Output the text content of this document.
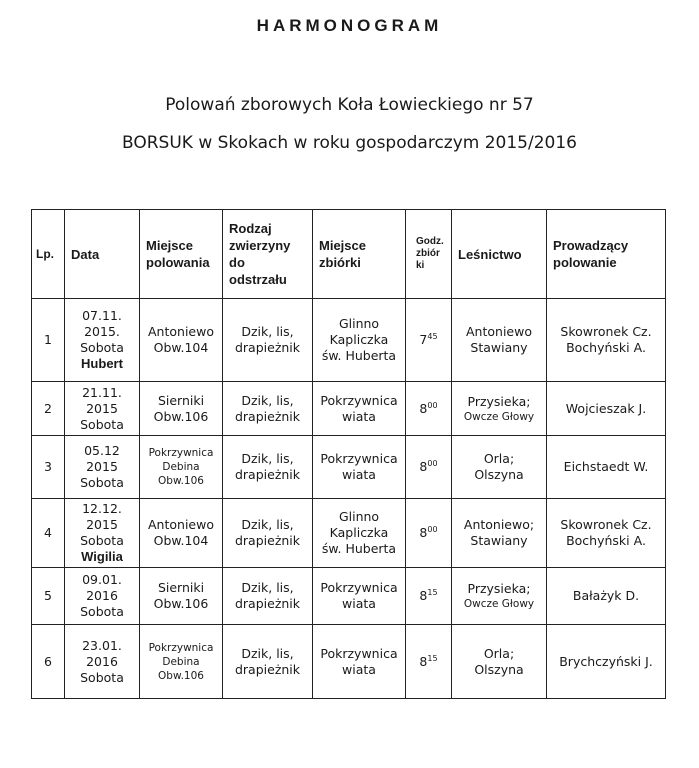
HARMONOGRAM
Polowań zborowych Koła Łowieckiego nr 57
BORSUK w Skokach w roku gospodarczym 2015/2016
Lp.	Data	Miejsce
polowania	Rodzaj
zwierzyny
do
odstrzału	Miejsce
zbiórki	Godz.
zbiór
ki	Leśnictwo	Prowadzący
polowanie

1	07.11.
2015.
Sobota
Hubert	Antoniewo
Obw.104	Dzik, lis,
drapieżnik	Glinno
Kapliczka
św. Huberta	$7^{45}$	Antoniewo
Stawiany	Skowronek Cz.
Bochyński A.

2	21.11.
2015
Sobota	Sierniki
Obw.106	Dzik, lis,
drapieżnik	Pokrzywnica
wiata	$8^{00}$	Przysieka;
Owcze Głowy	Wojcieszak J.

3	05.12
2015
Sobota	Pokrzywnica
Debina
Obw.106	Dzik, lis,
drapieżnik	Pokrzywnica
wiata	$8^{00}$	Orla;
Olszyna	Eichstaedt W.

4	12.12.
2015
Sobota
Wigilia	Antoniewo
Obw.104	Dzik, lis,
drapieżnik	Glinno
Kapliczka
św. Huberta	$8^{00}$	Antoniewo;
Stawiany	Skowronek Cz.
Bochyński A.

5	09.01.
2016
Sobota	Sierniki
Obw.106	Dzik, lis,
drapieżnik	Pokrzywnica
wiata	$8^{15}$	Przysieka;
Owcze Głowy	Bałażyk D.

6	23.01.
2016
Sobota	Pokrzywnica
Debina
Obw.106	Dzik, lis,
drapieżnik	Pokrzywnica
wiata	$8^{15}$	Orla;
Olszyna	Brychczyński J.
